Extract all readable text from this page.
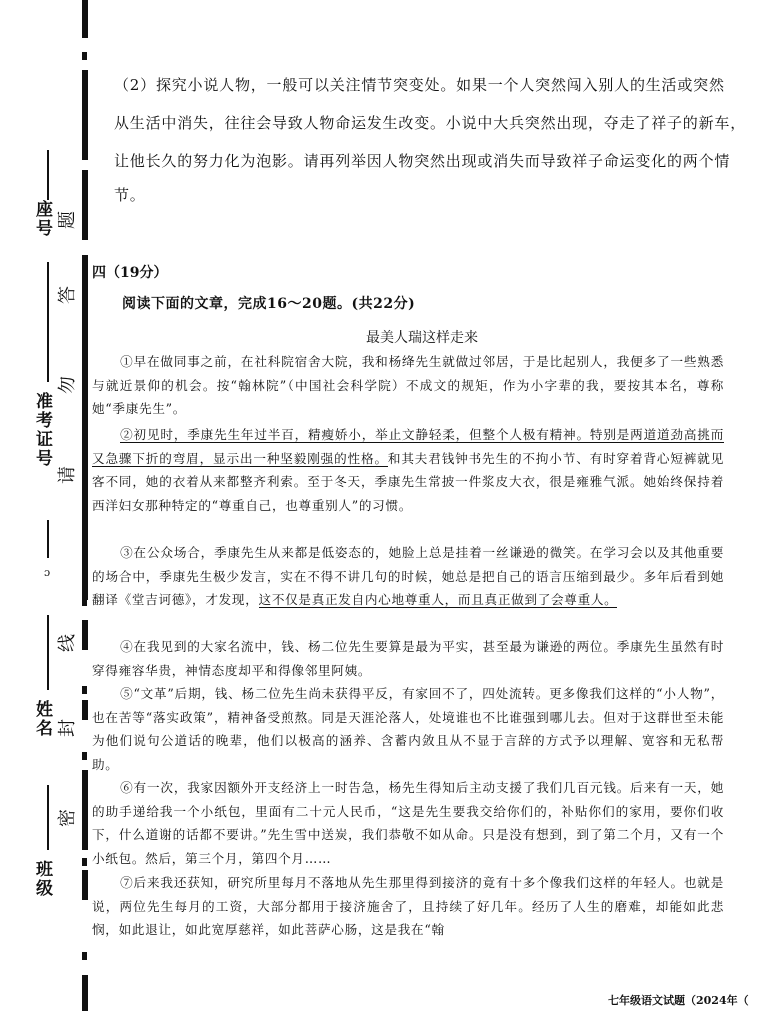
座号
准考证号
ɔ
姓名
班级
题
答
勿
请
线
封
密
（2）探究小说人物，一般可以关注情节突变处。如果一个人突然闯入别人的生活或突然
从生活中消失，往往会导致人物命运发生改变。小说中大兵突然出现，夺走了祥子的新车，
让他长久的努力化为泡影。请再列举因人物突然出现或消失而导致祥子命运变化的两个情
节。
四（19分）
阅读下面的文章，完成16～20题。(共22分)
最美人瑞这样走来
①早在做同事之前，在社科院宿舍大院，我和杨绛先生就做过邻居，于是比起别人，我便多了一些熟悉与就近景仰的机会。按“翰林院”（中国社会科学院）不成文的规矩，作为小字辈的我，要按其本名，尊称她“季康先生”。
②初见时，季康先生年过半百，精瘦娇小，举止文静轻柔，但整个人极有精神。特别是两道道劲高挑而又急骤下折的弯眉，显示出一种坚毅刚强的性格。和其夫君钱钟书先生的不拘小节、有时穿着背心短裤就见客不同，她的衣着从来都整齐利索。至于冬天，季康先生常披一件浆皮大衣，很是雍雅气派。她始终保持着西洋妇女那种特定的“尊重自己，也尊重别人”的习惯。
③在公众场合，季康先生从来都是低姿态的，她脸上总是挂着一丝谦逊的微笑。在学习会以及其他重要的场合中，季康先生极少发言，实在不得不讲几句的时候，她总是把自己的语言压缩到最少。多年后看到她翻译《堂吉诃德》，才发现，这不仅是真正发自内心地尊重人，而且真正做到了会尊重人。
④在我见到的大家名流中，钱、杨二位先生要算是最为平实，甚至最为谦逊的两位。季康先生虽然有时穿得雍容华贵，神情态度却平和得像邻里阿姨。
⑤“文革”后期，钱、杨二位先生尚未获得平反，有家回不了，四处流转。更多像我们这样的“小人物”，也在苦等“落实政策”，精神备受煎熬。同是天涯沦落人，处境谁也不比谁强到哪儿去。但对于这群世至未能为他们说句公道话的晚辈，他们以极高的涵养、含蓄内敛且从不显于言辞的方式予以理解、宽容和无私帮助。
⑥有一次，我家因额外开支经济上一时告急，杨先生得知后主动支援了我们几百元钱。后来有一天，她的助手递给我一个小纸包，里面有二十元人民币，“这是先生要我交给你们的，补贴你们的家用，要你们收下，什么道谢的话都不要讲。”先生雪中送炭，我们恭敬不如从命。只是没有想到，到了第二个月，又有一个小纸包。然后，第三个月，第四个月……
⑦后来我还获知，研究所里每月不落地从先生那里得到接济的竟有十多个像我们这样的年轻人。也就是说，两位先生每月的工资，大部分都用于接济施舍了，且持续了好几年。经历了人生的磨难，却能如此悲悯，如此退让，如此宽厚慈祥，如此菩萨心肠，这是我在“翰
七年级语文试题（2024年（
